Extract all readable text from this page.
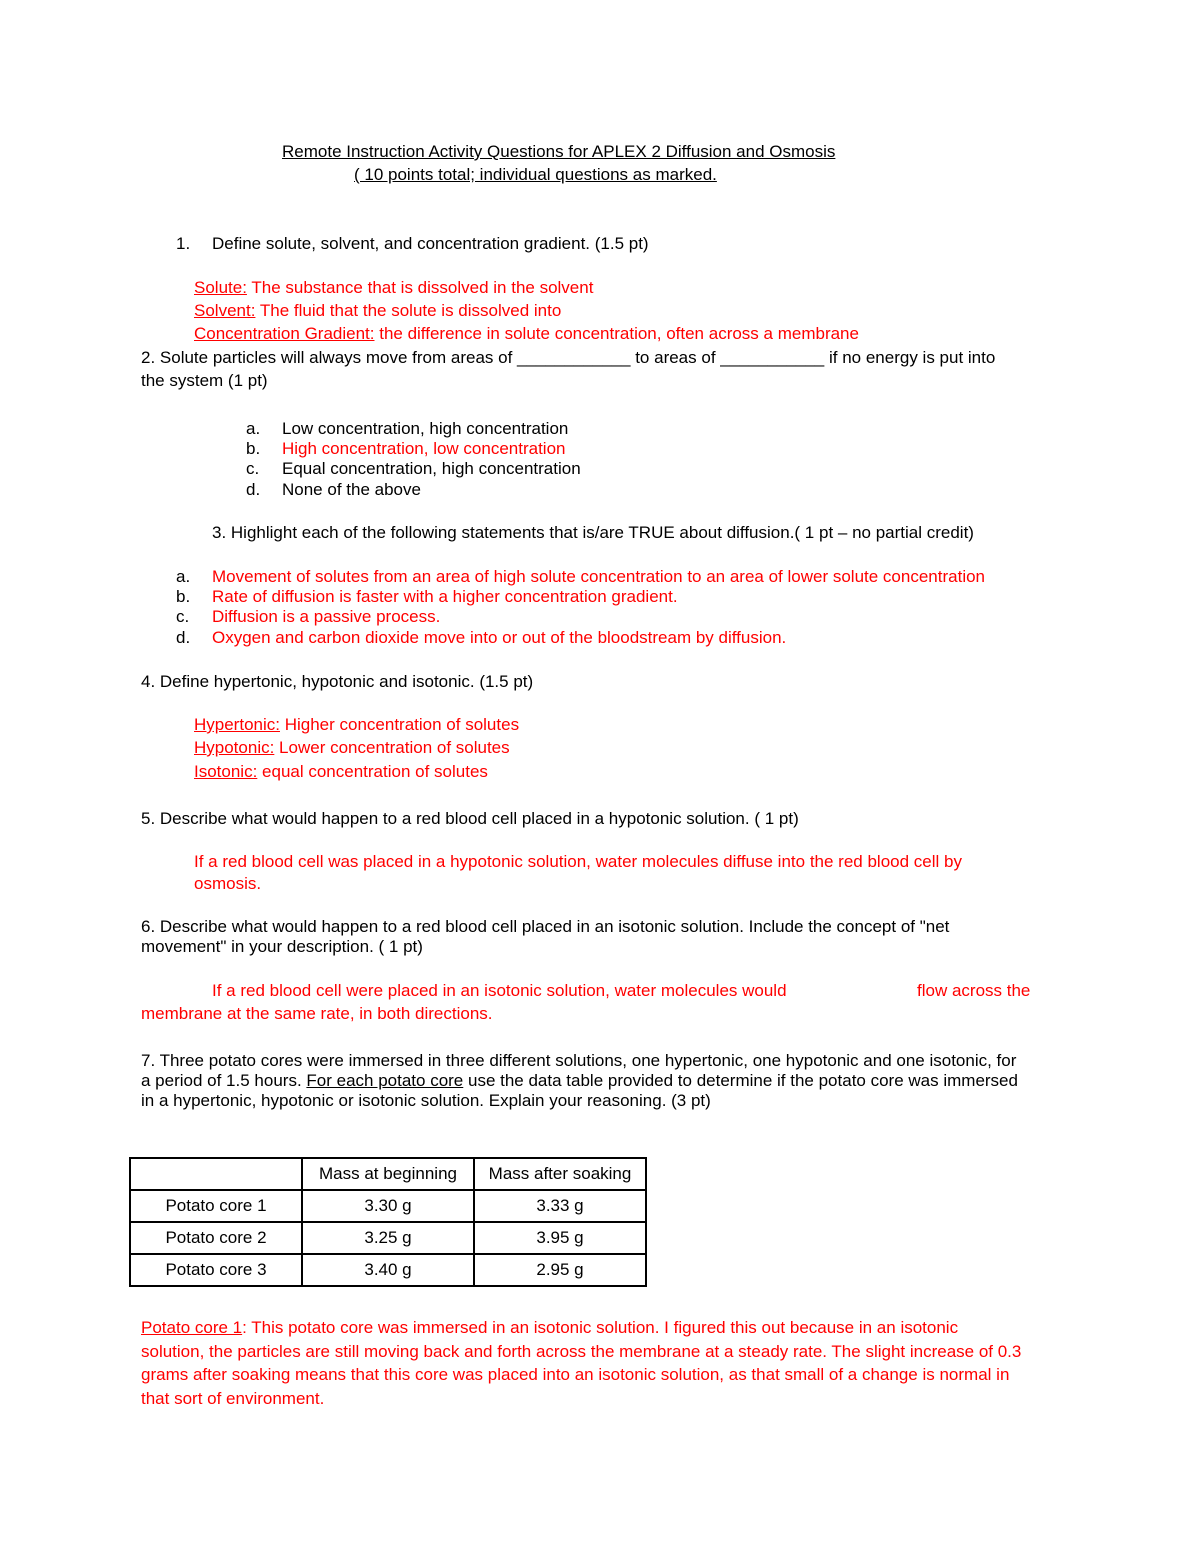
Remote Instruction Activity Questions for APLEX 2 Diffusion and Osmosis
( 10 points total; individual questions as marked.
1. Define solute, solvent, and concentration gradient. (1.5 pt)
Solute: The substance that is dissolved in the solvent
Solvent: The fluid that the solute is dissolved into
Concentration Gradient: the difference in solute concentration, often across a membrane
2. Solute particles will always move from areas of ____________ to areas of ___________ if no energy is put into
the system (1 pt)
a. Low concentration, high concentration
b. High concentration, low concentration
c. Equal concentration, high concentration
d. None of the above
3. Highlight each of the following statements that is/are TRUE about diffusion.( 1 pt – no partial credit)
a. Movement of solutes from an area of high solute concentration to an area of lower solute concentration
b. Rate of diffusion is faster with a higher concentration gradient.
c. Diffusion is a passive process.
d. Oxygen and carbon dioxide move into or out of the bloodstream by diffusion.
4. Define hypertonic, hypotonic and isotonic. (1.5 pt)
Hypertonic: Higher concentration of solutes
Hypotonic: Lower concentration of solutes
Isotonic: equal concentration of solutes
5. Describe what would happen to a red blood cell placed in a hypotonic solution. ( 1 pt)
If a red blood cell was placed in a hypotonic solution, water molecules diffuse into the red blood cell by
osmosis.
6. Describe what would happen to a red blood cell placed in an isotonic solution. Include the concept of "net
movement" in your description. ( 1 pt)
If a red blood cell were placed in an isotonic solution, water molecules would	flow across the
membrane at the same rate, in both directions.
7. Three potato cores were immersed in three different solutions, one hypertonic, one hypotonic and one isotonic, for
a period of 1.5 hours. For each potato core use the data table provided to determine if the potato core was immersed
in a hypertonic, hypotonic or isotonic solution. Explain your reasoning. (3 pt)
	Mass at beginning	Mass after soaking
Potato core 1	3.30 g	3.33 g
Potato core 2	3.25 g	3.95 g
Potato core 3	3.40 g	2.95 g
Potato core 1: This potato core was immersed in an isotonic solution. I figured this out because in an isotonic
solution, the particles are still moving back and forth across the membrane at a steady rate. The slight increase of 0.3
grams after soaking means that this core was placed into an isotonic solution, as that small of a change is normal in
that sort of environment.
